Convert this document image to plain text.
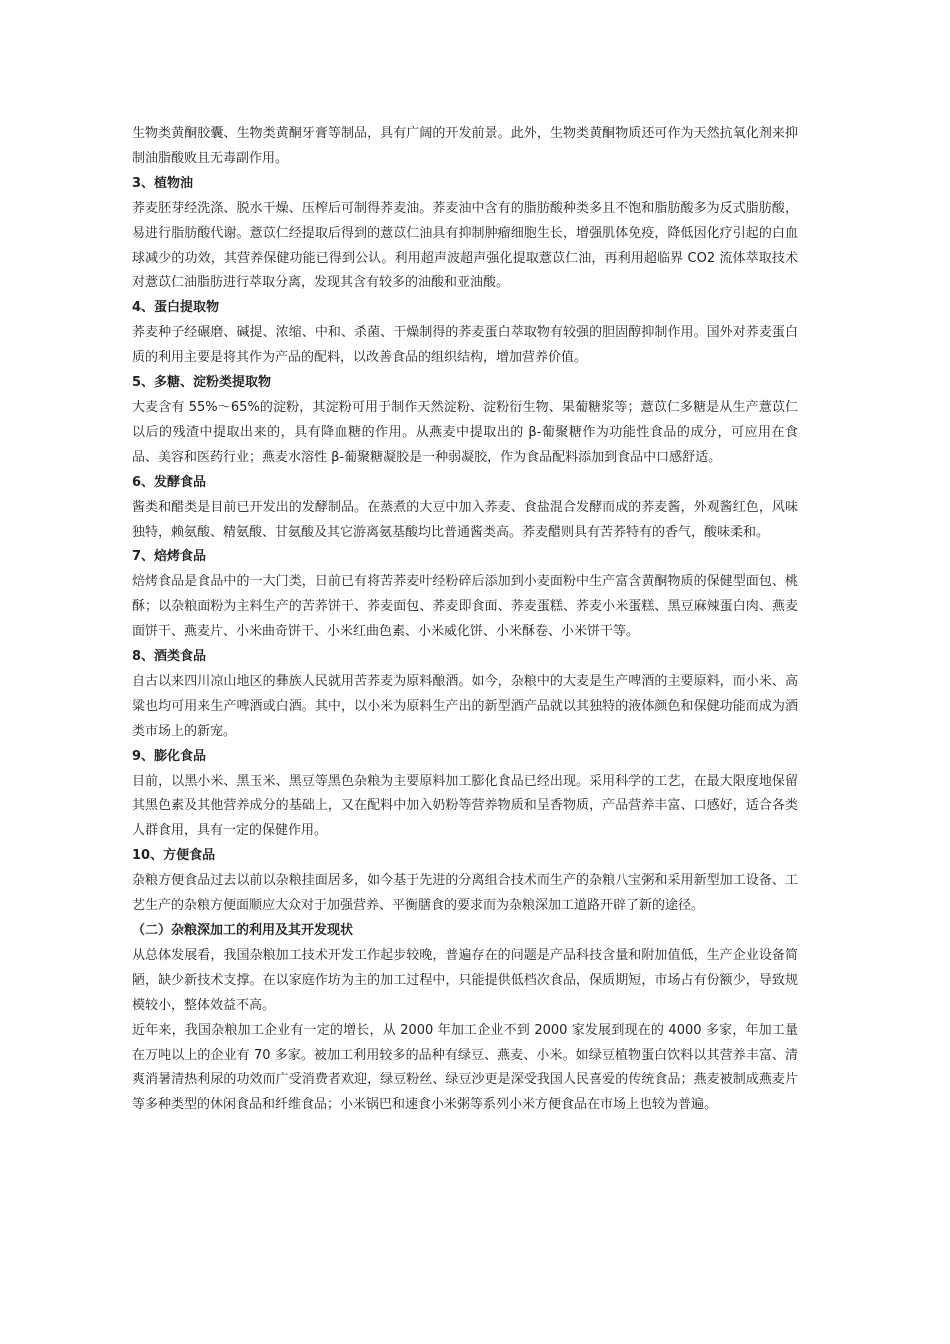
生物类黄酮胶囊、生物类黄酮牙膏等制品，具有广阔的开发前景。此外，生物类黄酮物质还可作为天然抗氧化剂来抑制油脂酸败且无毒副作用。

3、植物油

荞麦胚芽经洗涤、脱水干燥、压榨后可制得荞麦油。荞麦油中含有的脂肪酸种类多且不饱和脂肪酸多为反式脂肪酸，易进行脂肪酸代谢。薏苡仁经提取后得到的薏苡仁油具有抑制肿瘤细胞生长，增强肌体免疫，降低因化疗引起的白血球减少的功效，其营养保健功能已得到公认。利用超声波超声强化提取薏苡仁油，再利用超临界 CO2 流体萃取技术对薏苡仁油脂肪进行萃取分离，发现其含有较多的油酸和亚油酸。

4、蛋白提取物

荞麦种子经碾磨、碱提、浓缩、中和、杀菌、干燥制得的荞麦蛋白萃取物有较强的胆固醇抑制作用。国外对荞麦蛋白质的利用主要是将其作为产品的配料，以改善食品的组织结构，增加营养价值。

5、多糖、淀粉类提取物

大麦含有 55%～65%的淀粉，其淀粉可用于制作天然淀粉、淀粉衍生物、果葡糖浆等；薏苡仁多糖是从生产薏苡仁以后的残渣中提取出来的，具有降血糖的作用。从燕麦中提取出的 β-葡聚糖作为功能性食品的成分，可应用在食品、美容和医药行业；燕麦水溶性 β-葡聚糖凝胶是一种弱凝胶，作为食品配料添加到食品中口感舒适。

6、发酵食品

酱类和醋类是目前已开发出的发酵制品。在蒸煮的大豆中加入荞麦、食盐混合发酵而成的荞麦酱，外观酱红色，风味独特，赖氨酸、精氨酸、甘氨酸及其它游离氨基酸均比普通酱类高。荞麦醋则具有苦荞特有的香气，酸味柔和。

7、焙烤食品

焙烤食品是食品中的一大门类，日前已有将苦荞麦叶经粉碎后添加到小麦面粉中生产富含黄酮物质的保健型面包、桃酥；以杂粮面粉为主料生产的苦荞饼干、荞麦面包、荞麦即食面、荞麦蛋糕、荞麦小米蛋糕、黑豆麻辣蛋白肉、燕麦面饼干、燕麦片、小米曲奇饼干、小米红曲色素、小米威化饼、小米酥卷、小米饼干等。

8、酒类食品

自古以来四川凉山地区的彝族人民就用苦荞麦为原料酿酒。如今，杂粮中的大麦是生产啤酒的主要原料，而小米、高粱也均可用来生产啤酒或白酒。其中，以小米为原料生产出的新型酒产品就以其独特的液体颜色和保健功能而成为酒类市场上的新宠。

9、膨化食品

目前，以黑小米、黑玉米、黑豆等黑色杂粮为主要原料加工膨化食品已经出现。采用科学的工艺，在最大限度地保留其黑色素及其他营养成分的基础上，又在配料中加入奶粉等营养物质和呈香物质，产品营养丰富、口感好，适合各类人群食用，具有一定的保健作用。

10、方便食品

杂粮方便食品过去以前以杂粮挂面居多，如今基于先进的分离组合技术而生产的杂粮八宝粥和采用新型加工设备、工艺生产的杂粮方便面顺应大众对于加强营养、平衡膳食的要求而为杂粮深加工道路开辟了新的途径。

（二）杂粮深加工的利用及其开发现状

从总体发展看，我国杂粮加工技术开发工作起步较晚，普遍存在的问题是产品科技含量和附加值低，生产企业设备简陋，缺少新技术支撑。在以家庭作坊为主的加工过程中，只能提供低档次食品，保质期短，市场占有份额少，导致规模较小，整体效益不高。

近年来，我国杂粮加工企业有一定的增长，从 2000 年加工企业不到 2000 家发展到现在的 4000 多家，年加工量在万吨以上的企业有 70 多家。被加工利用较多的品种有绿豆、燕麦、小米。如绿豆植物蛋白饮料以其营养丰富、清爽消暑清热利尿的功效而广受消费者欢迎，绿豆粉丝、绿豆沙更是深受我国人民喜爱的传统食品；燕麦被制成燕麦片等多种类型的休闲食品和纤维食品；小米锅巴和速食小米粥等系列小米方便食品在市场上也较为普遍。
